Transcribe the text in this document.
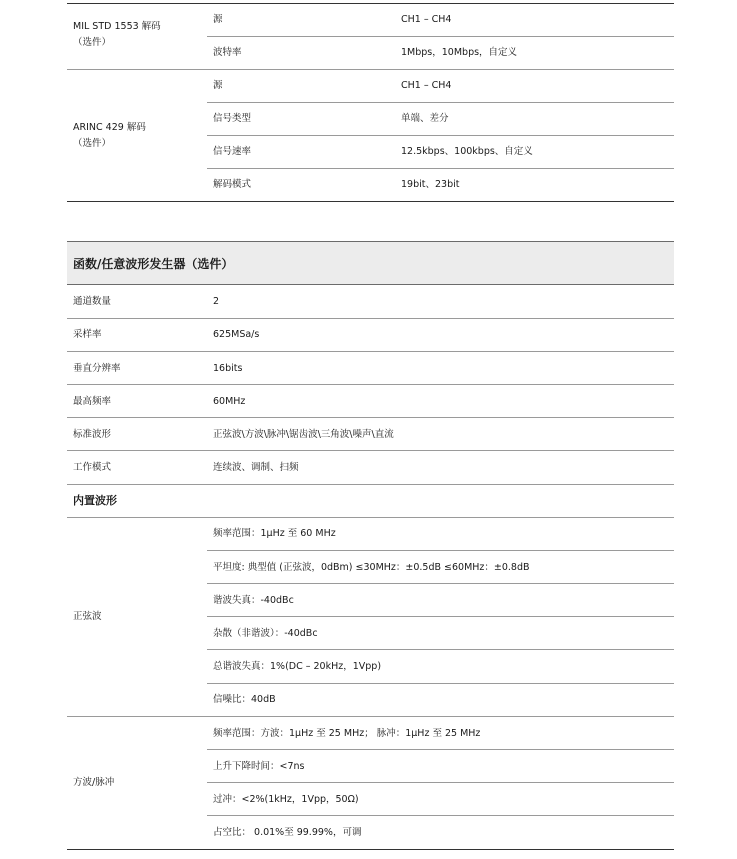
MIL STD 1553 解码
（选件）
源	CH1 – CH4
波特率	1Mbps，10Mbps，自定义
ARINC 429 解码
（选件）
源	CH1 – CH4
信号类型	单端、差分
信号速率	12.5kbps、100kbps、自定义
解码模式	19bit、23bit
函数/任意波形发生器（选件）
通道数量	2
采样率	625MSa/s
垂直分辨率	16bits
最高频率	60MHz
标准波形	正弦波\方波\脉冲\锯齿波\三角波\噪声\直流
工作模式	连续波、调制、扫频
内置波形
正弦波
频率范围：1μHz 至 60 MHz
平坦度: 典型值 (正弦波，0dBm) ≤30MHz：±0.5dB ≤60MHz：±0.8dB
谐波失真：-40dBc
杂散（非谐波）：-40dBc
总谐波失真：1%(DC – 20kHz，1Vpp)
信噪比：40dB
方波/脉冲
频率范围：方波：1μHz 至 25 MHz； 脉冲：1μHz 至 25 MHz
上升下降时间：<7ns
过冲：<2%(1kHz，1Vpp，50Ω)
占空比： 0.01%至 99.99%，可调
